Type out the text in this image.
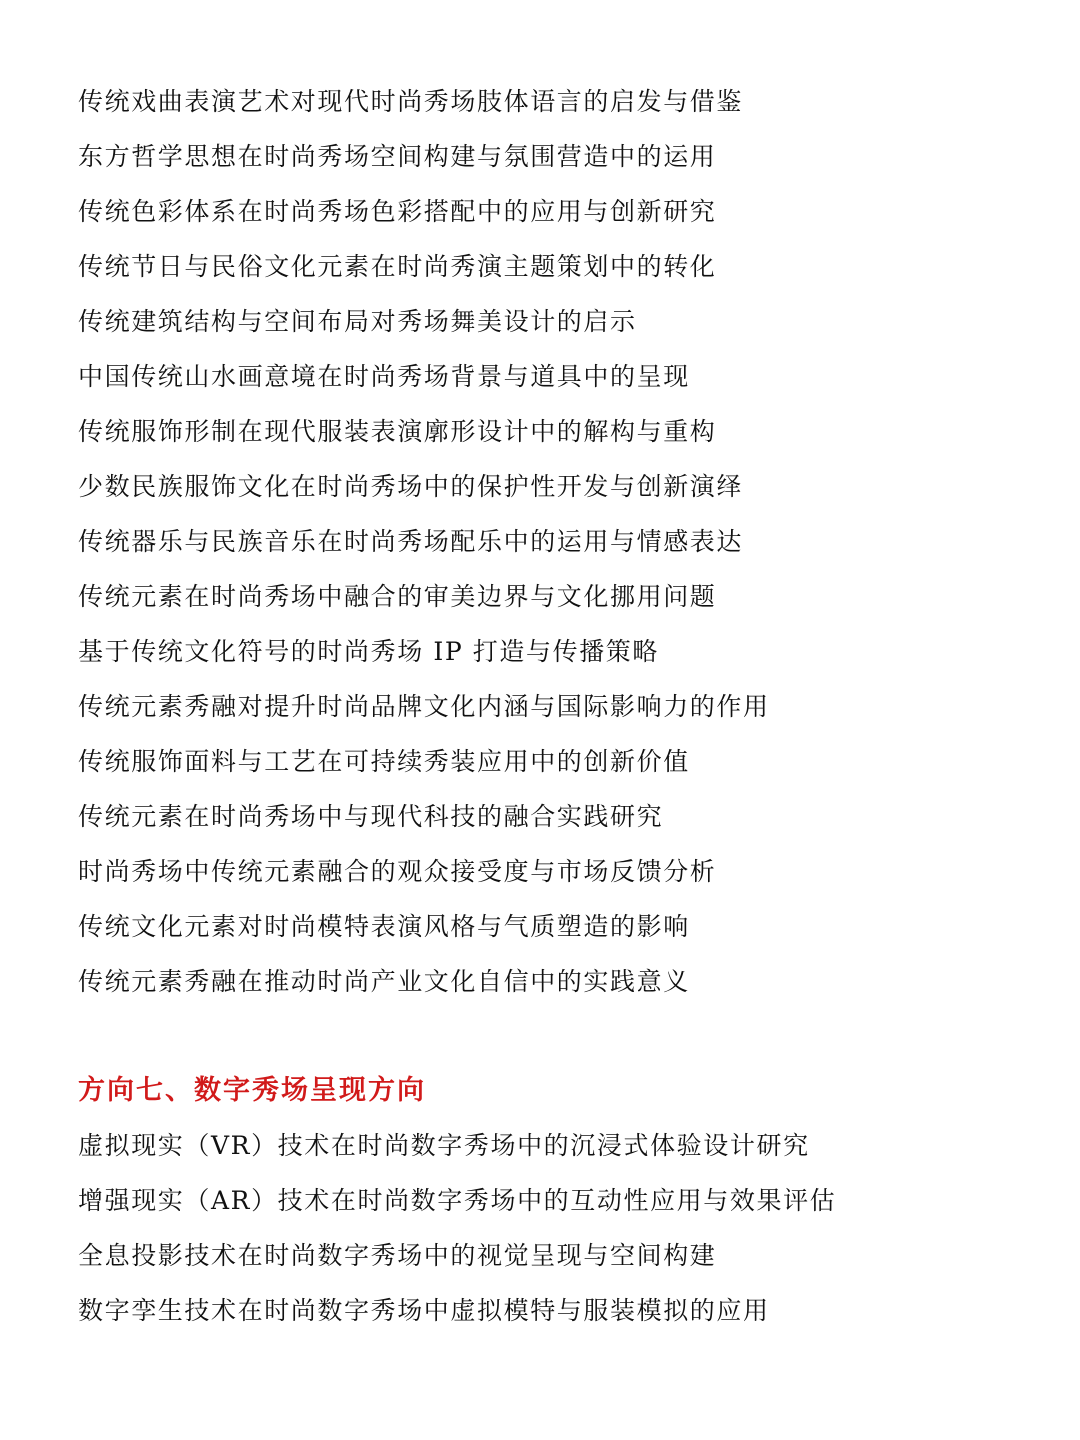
传统戏曲表演艺术对现代时尚秀场肢体语言的启发与借鉴
东方哲学思想在时尚秀场空间构建与氛围营造中的运用
传统色彩体系在时尚秀场色彩搭配中的应用与创新研究
传统节日与民俗文化元素在时尚秀演主题策划中的转化
传统建筑结构与空间布局对秀场舞美设计的启示
中国传统山水画意境在时尚秀场背景与道具中的呈现
传统服饰形制在现代服装表演廓形设计中的解构与重构
少数民族服饰文化在时尚秀场中的保护性开发与创新演绎
传统器乐与民族音乐在时尚秀场配乐中的运用与情感表达
传统元素在时尚秀场中融合的审美边界与文化挪用问题
基于传统文化符号的时尚秀场 IP 打造与传播策略
传统元素秀融对提升时尚品牌文化内涵与国际影响力的作用
传统服饰面料与工艺在可持续秀装应用中的创新价值
传统元素在时尚秀场中与现代科技的融合实践研究
时尚秀场中传统元素融合的观众接受度与市场反馈分析
传统文化元素对时尚模特表演风格与气质塑造的影响
传统元素秀融在推动时尚产业文化自信中的实践意义
方向七、数字秀场呈现方向
虚拟现实（VR）技术在时尚数字秀场中的沉浸式体验设计研究
增强现实（AR）技术在时尚数字秀场中的互动性应用与效果评估
全息投影技术在时尚数字秀场中的视觉呈现与空间构建
数字孪生技术在时尚数字秀场中虚拟模特与服装模拟的应用
